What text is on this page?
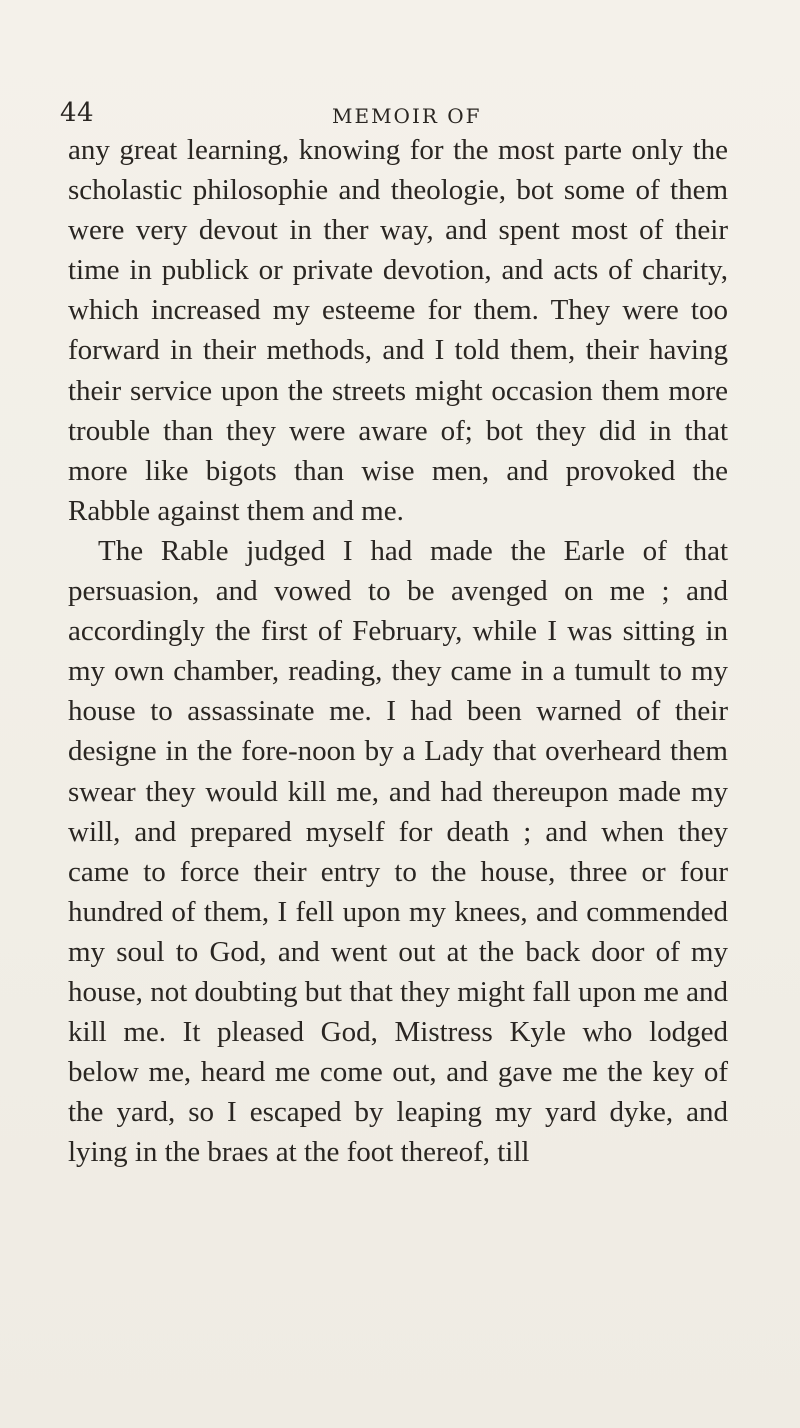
44	MEMOIR OF

any great learning, knowing for the most parte only the scholastic philosophie and theologie, bot some of them were very devout in ther way, and spent most of their time in publick or private devotion, and acts of charity, which increased my esteeme for them. They were too forward in their methods, and I told them, their having their service upon the streets might occasion them more trouble than they were aware of; bot they did in that more like bigots than wise men, and provoked the Rabble against them and me.

The Rable judged I had made the Earle of that persuasion, and vowed to be avenged on me ; and accordingly the first of February, while I was sitting in my own chamber, reading, they came in a tumult to my house to assassinate me. I had been warned of their designe in the fore-noon by a Lady that overheard them swear they would kill me, and had thereupon made my will, and prepared myself for death ; and when they came to force their entry to the house, three or four hundred of them, I fell upon my knees, and commended my soul to God, and went out at the back door of my house, not doubting but that they might fall upon me and kill me. It pleased God, Mistress Kyle who lodged below me, heard me come out, and gave me the key of the yard, so I escaped by leaping my yard dyke, and lying in the braes at the foot thereof, till
